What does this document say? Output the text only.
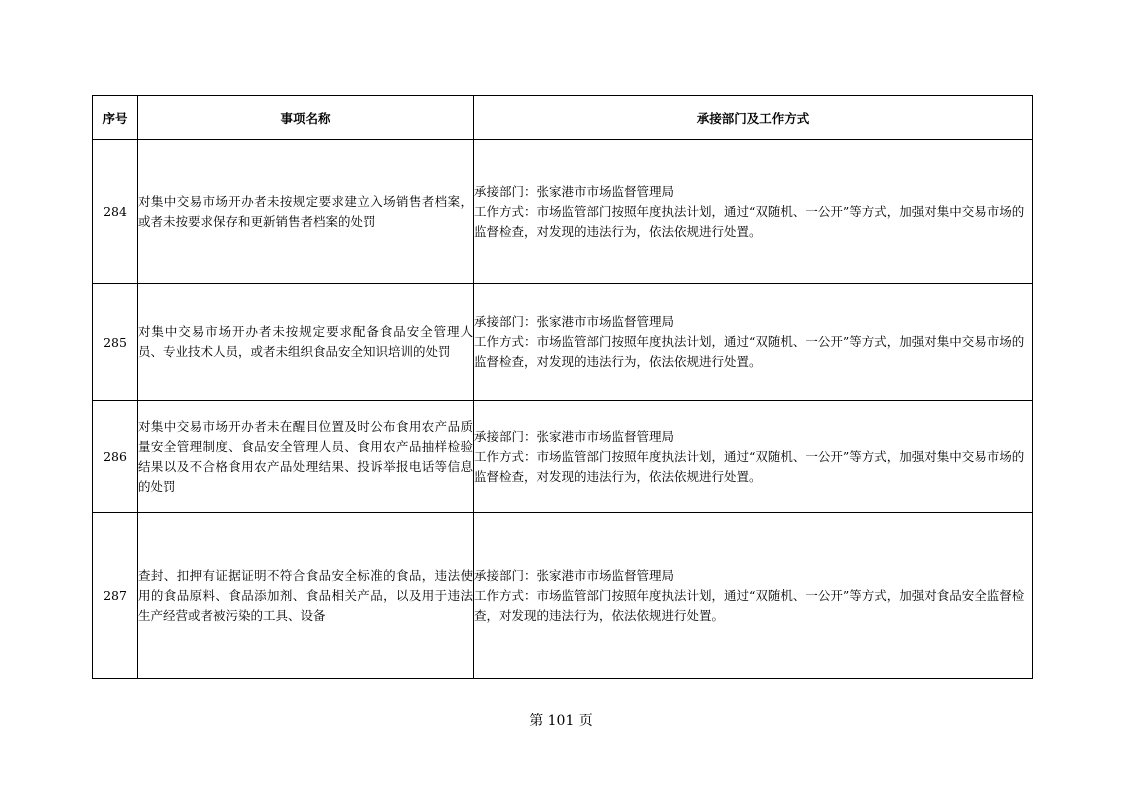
序号	事项名称	承接部门及工作方式
284	对集中交易市场开办者未按规定要求建立入场销售者档案，或者未按要求保存和更新销售者档案的处罚	承接部门：张家港市市场监督管理局
工作方式：市场监管部门按照年度执法计划，通过“双随机、一公开”等方式，加强对集中交易市场的监督检查，对发现的违法行为，依法依规进行处置。

285	对集中交易市场开办者未按规定要求配备食品安全管理人员、专业技术人员，或者未组织食品安全知识培训的处罚	承接部门：张家港市市场监督管理局
工作方式：市场监管部门按照年度执法计划，通过“双随机、一公开”等方式，加强对集中交易市场的监督检查，对发现的违法行为，依法依规进行处置。

286	对集中交易市场开办者未在醒目位置及时公布食用农产品质量安全管理制度、食品安全管理人员、食用农产品抽样检验结果以及不合格食用农产品处理结果、投诉举报电话等信息的处罚	承接部门：张家港市市场监督管理局
工作方式：市场监管部门按照年度执法计划，通过“双随机、一公开”等方式，加强对集中交易市场的监督检查，对发现的违法行为，依法依规进行处置。

287	查封、扣押有证据证明不符合食品安全标准的食品，违法使用的食品原料、食品添加剂、食品相关产品，以及用于违法生产经营或者被污染的工具、设备	承接部门：张家港市市场监督管理局
工作方式：市场监管部门按照年度执法计划，通过“双随机、一公开”等方式，加强对食品安全监督检查，对发现的违法行为，依法依规进行处置。
第 101 页
